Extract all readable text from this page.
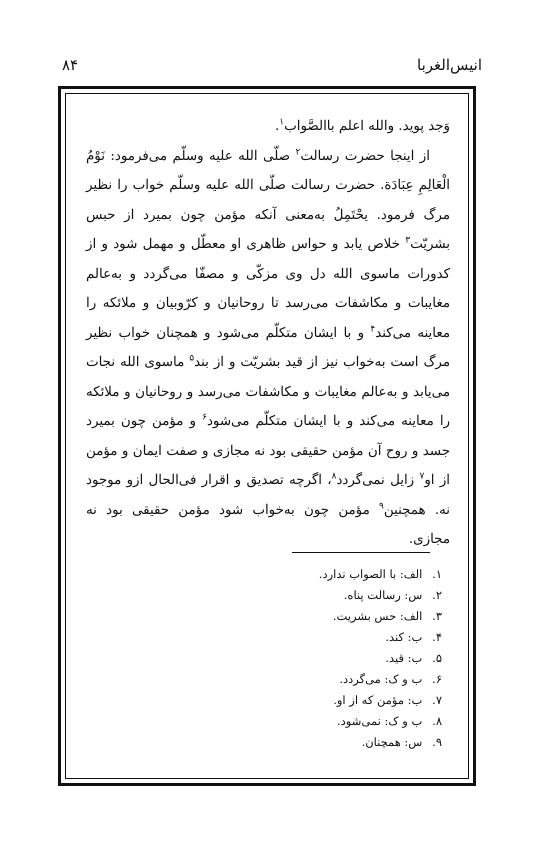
۸۴	انیس‌الغربا

وَجد پوید. والله اعلم باالصَّواب$^۱$.

از اینجا حضرت رسالت$^۲$ صلّی الله علیه وسلّم می‌فرمود: نَوْمُ الْعَالِمِ عِبَادَة. حضرت رسالت صلّی الله علیه وسلّم خواب را نظیر مرگ فرمود. یحْتَمِلُ به‌معنی آنکه مؤمن چون بمیرد از حبس بشریّت$^۳$ خلاص یابد و حواس ظاهری او معطّل و مهمل شود و از کدورات ماسوی الله دل وی مزکّی و مصفّا می‌گردد و به‌عالم مغایبات و مکاشفات می‌رسد تا روحانیان و کرّوبیان و ملائکه را معاینه می‌کند$^۴$ و با ایشان متکلّم می‌شود و همچنان خواب نظیر مرگ است به‌خواب نیز از قید بشریّت و از بند$^۵$ ماسوی الله نجات می‌یابد و به‌عالم مغایبات و مکاشفات می‌رسد و روحانیان و ملائکه را معاینه می‌کند و با ایشان متکلّم می‌شود$^۶$ و مؤمن چون بمیرد جسد و روح آن مؤمن حقیقی بود نه مجازی و صفت ایمان و مؤمن از او$^۷$ زایل نمی‌گردد$^۸$، اگرچه تصدیق و اقرار فی‌الحال ازو موجود نه. همچنین$^۹$ مؤمن چون به‌خواب شود مؤمن حقیقی بود نه مجازی.

۱. الف: با الصواب ندارد.
۲. س: رسالت پناه.
۳. الف: حس بشریت.
۴. ب: کند.
۵. ب: قید.
۶. ب و ک: می‌گردد.
۷. ب: مؤمن که از او.
۸. ب و ک: نمی‌شود.
۹. س: همچنان.
